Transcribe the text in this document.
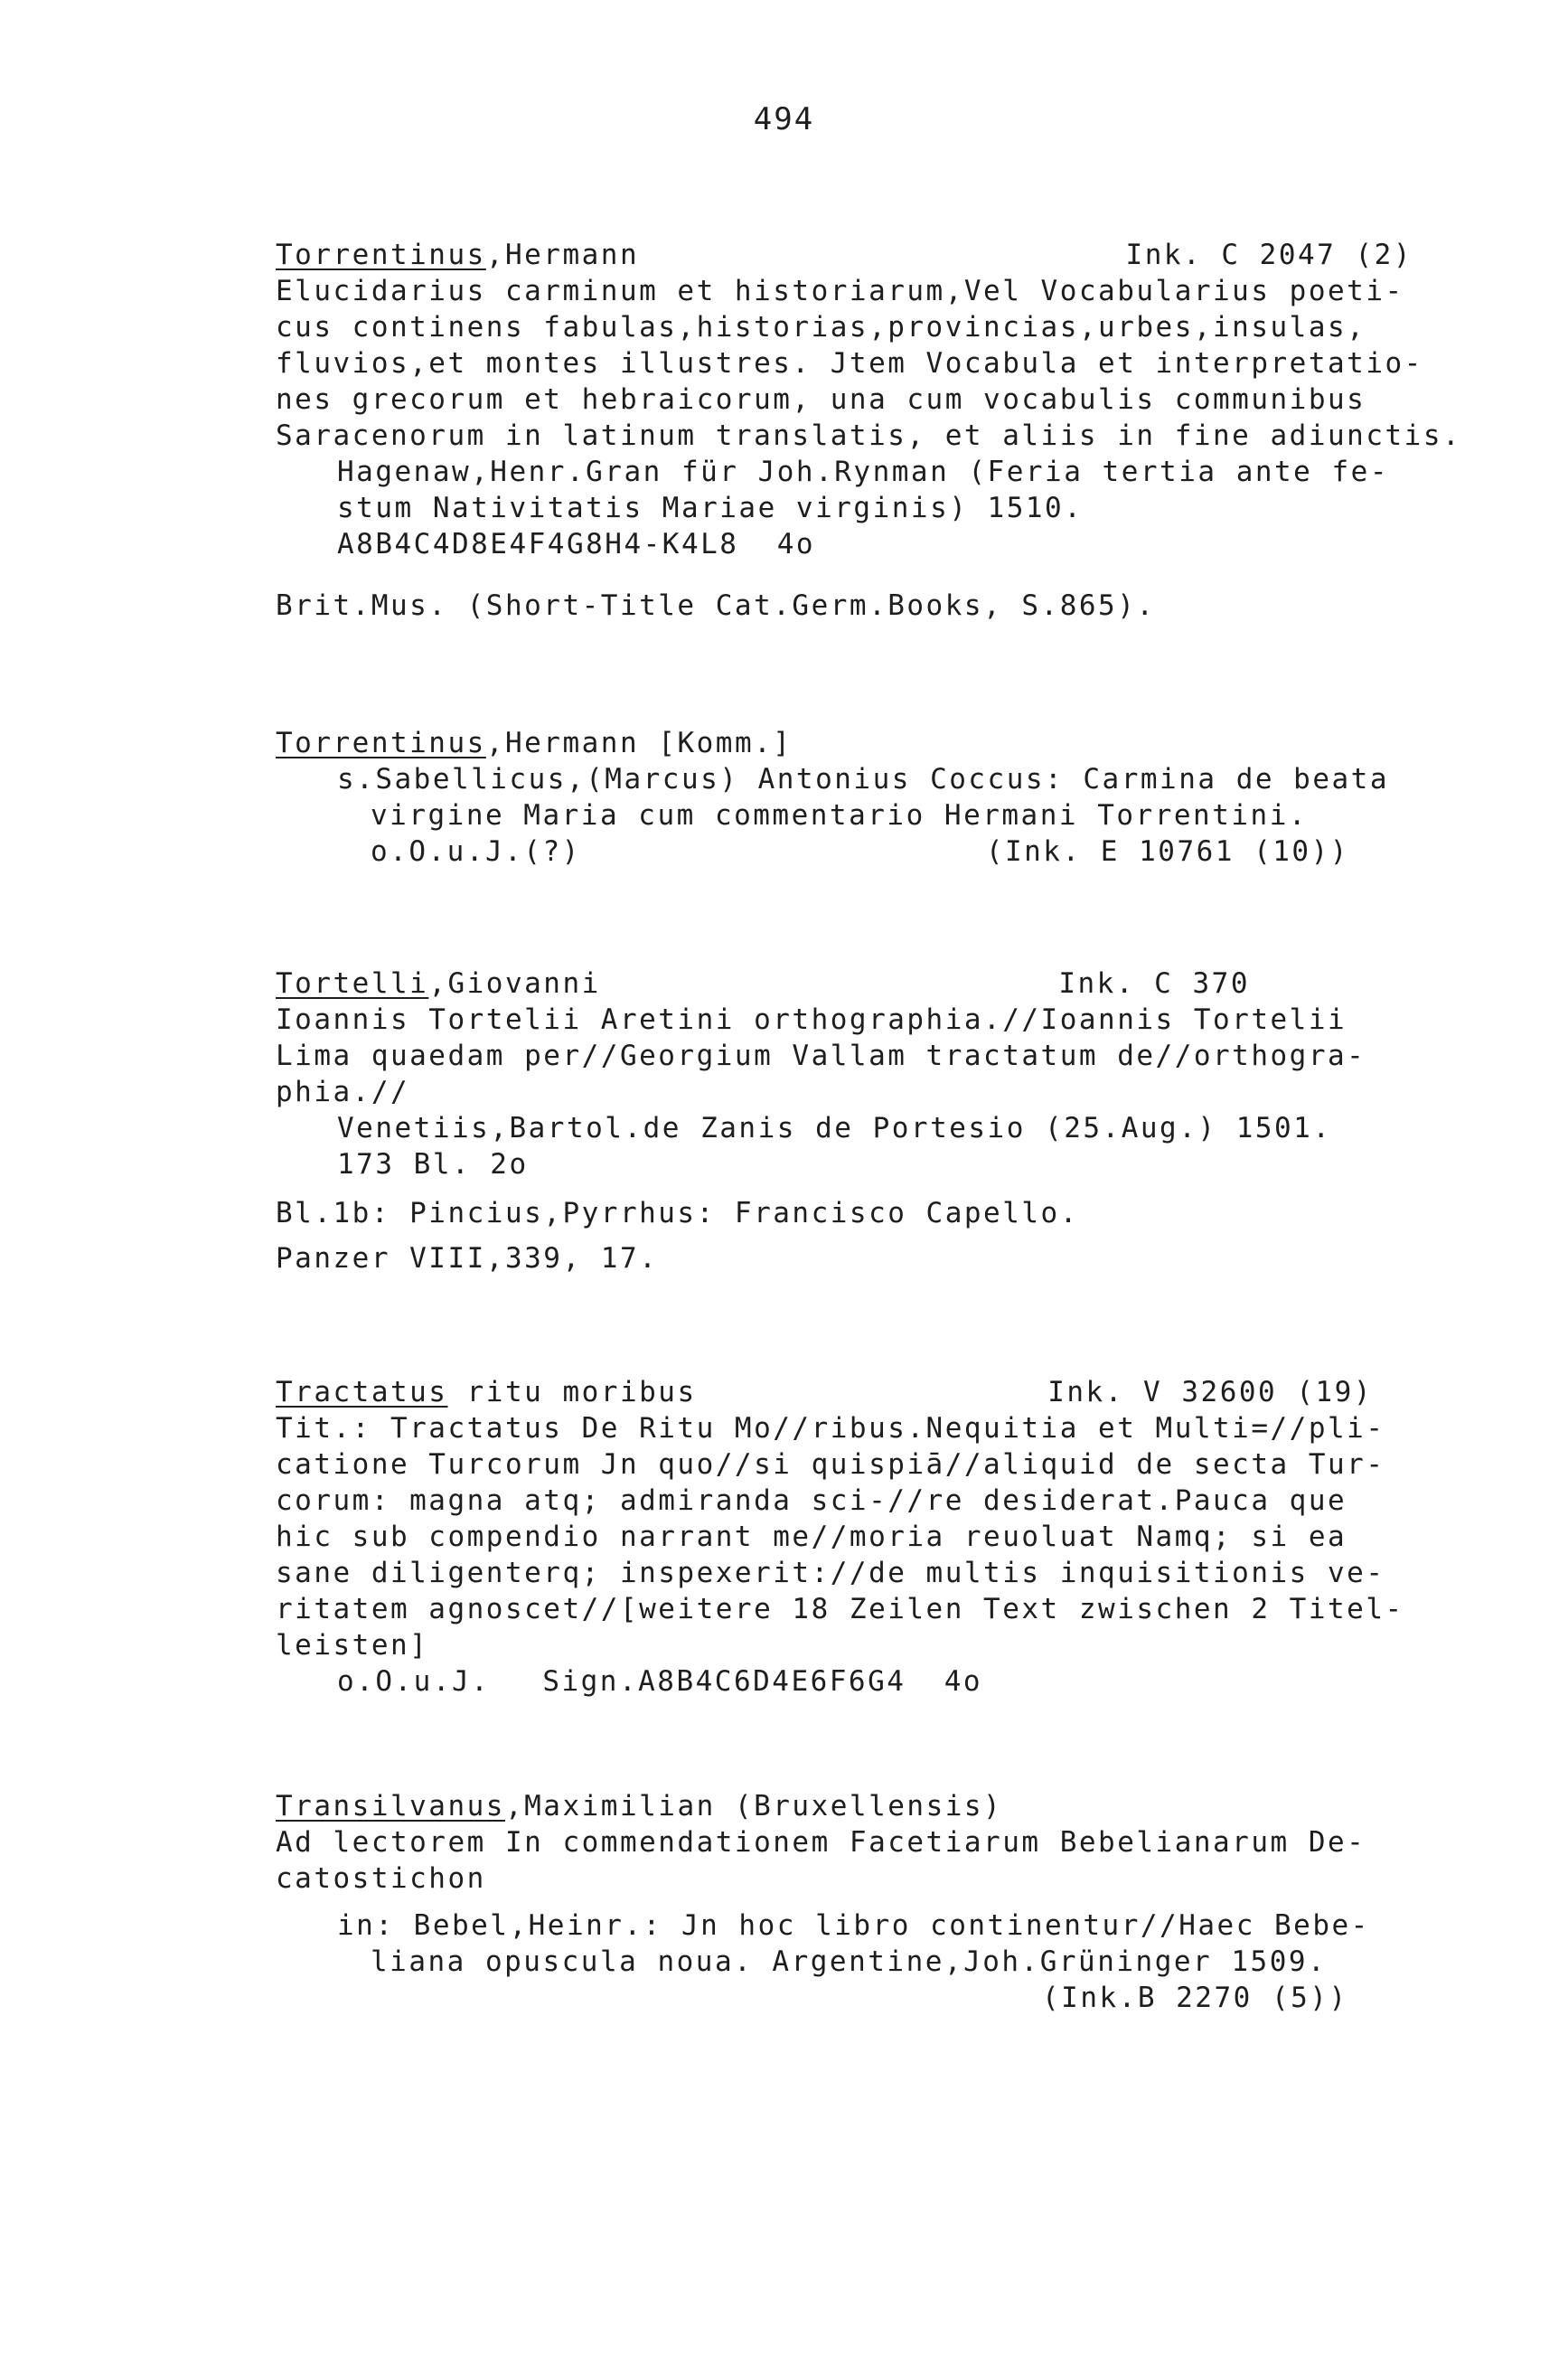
494
Torrentinus,Hermann	Ink. C 2047 (2)
Elucidarius carminum et historiarum,Vel Vocabularius poeti-
cus continens fabulas,historias,provincias,urbes,insulas,
fluvios,et montes illustres. Jtem Vocabula et interpretatio-
nes grecorum et hebraicorum, una cum vocabulis communibus
Saracenorum in latinum translatis, et aliis in fine adiunctis.
Hagenaw,Henr.Gran für Joh.Rynman (Feria tertia ante fe-
stum Nativitatis Mariae virginis) 1510.
A8B4C4D8E4F4G8H4-K4L8  4o
Brit.Mus. (Short-Title Cat.Germ.Books, S.865).
Torrentinus,Hermann [Komm.]
s.Sabellicus,(Marcus) Antonius Coccus: Carmina de beata
virgine Maria cum commentario Hermani Torrentini.
o.O.u.J.(?)	(Ink. E 10761 (10))
Tortelli,Giovanni	Ink. C 370
Ioannis Tortelii Aretini orthographia.//Ioannis Tortelii
Lima quaedam per//Georgium Vallam tractatum de//orthogra-
phia.//
Venetiis,Bartol.de Zanis de Portesio (25.Aug.) 1501.
173 Bl. 2o
Bl.1b: Pincius,Pyrrhus: Francisco Capello.
Panzer VIII,339, 17.
Tractatus ritu moribus	Ink. V 32600 (19)
Tit.: Tractatus De Ritu Mo//ribus.Nequitia et Multi=//pli-
catione Turcorum Jn quo//si quispiā//aliquid de secta Tur-
corum: magna atq; admiranda sci-//re desiderat.Pauca que
hic sub compendio narrant me//moria reuoluat Namq; si ea
sane diligenterq; inspexerit://de multis inquisitionis ve-
ritatem agnoscet//[weitere 18 Zeilen Text zwischen 2 Titel-
leisten]
o.O.u.J. Sign.A8B4C6D4E6F6G4  4o
Transilvanus,Maximilian (Bruxellensis)
Ad lectorem In commendationem Facetiarum Bebelianarum De-
catostichon
in: Bebel,Heinr.: Jn hoc libro continentur//Haec Bebe-
liana opuscula noua. Argentine,Joh.Grüninger 1509.
(Ink.B 2270 (5))
